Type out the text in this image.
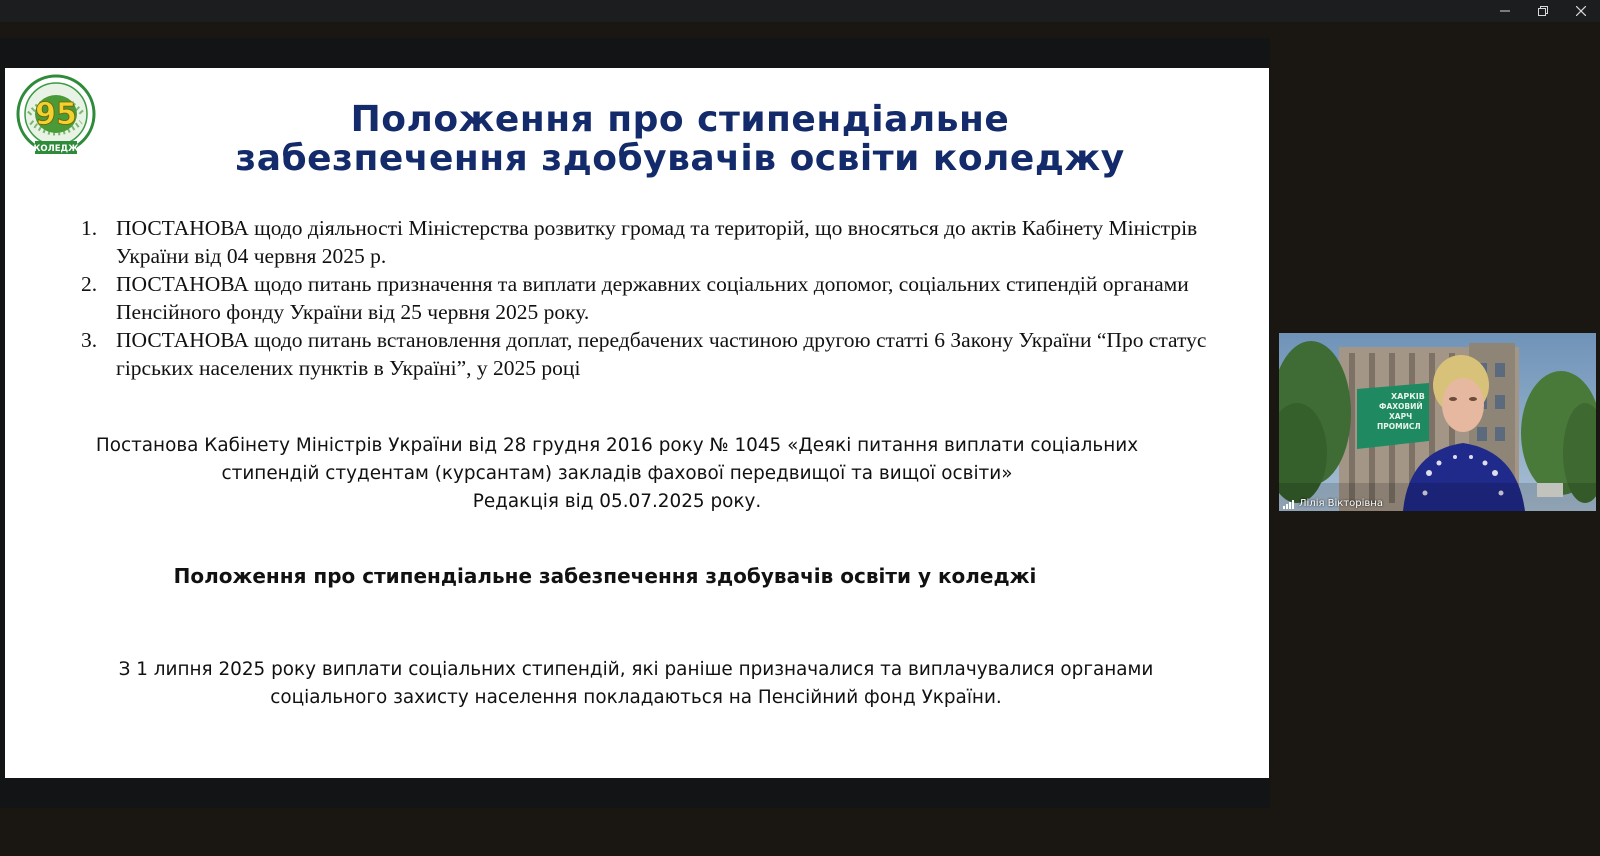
95
КОЛЕДЖ
Положення про стипендіальне
забезпечення здобувачів освіти коледжу
1. ПОСТАНОВА щодо діяльності Міністерства розвитку громад та територій, що вносяться до актів Кабінету Міністрів України від 04 червня 2025 р.
2. ПОСТАНОВА щодо питань призначення та виплати державних соціальних допомог, соціальних стипендій органами Пенсійного фонду України від 25 червня 2025 року.
3. ПОСТАНОВА щодо питань встановлення доплат, передбачених частиною другою статті 6 Закону України “Про статус гірських населених пунктів в Україні”, у 2025 році
Постанова Кабінету Міністрів України від 28 грудня 2016 року № 1045 «Деякі питання виплати соціальних
стипендій студентам (курсантам) закладів фахової передвищої та вищої освіти»
Редакція від 05.07.2025 року.
Положення про стипендіальне забезпечення здобувачів освіти у коледжі
З 1 липня 2025 року виплати соціальних стипендій, які раніше призначалися та виплачувалися органами
соціального захисту населення покладаються на Пенсійний фонд України.
ХАРКІВ
ФАХОВИЙ
ХАРЧ
ПРОМИСЛ
Лілія Вікторівна
